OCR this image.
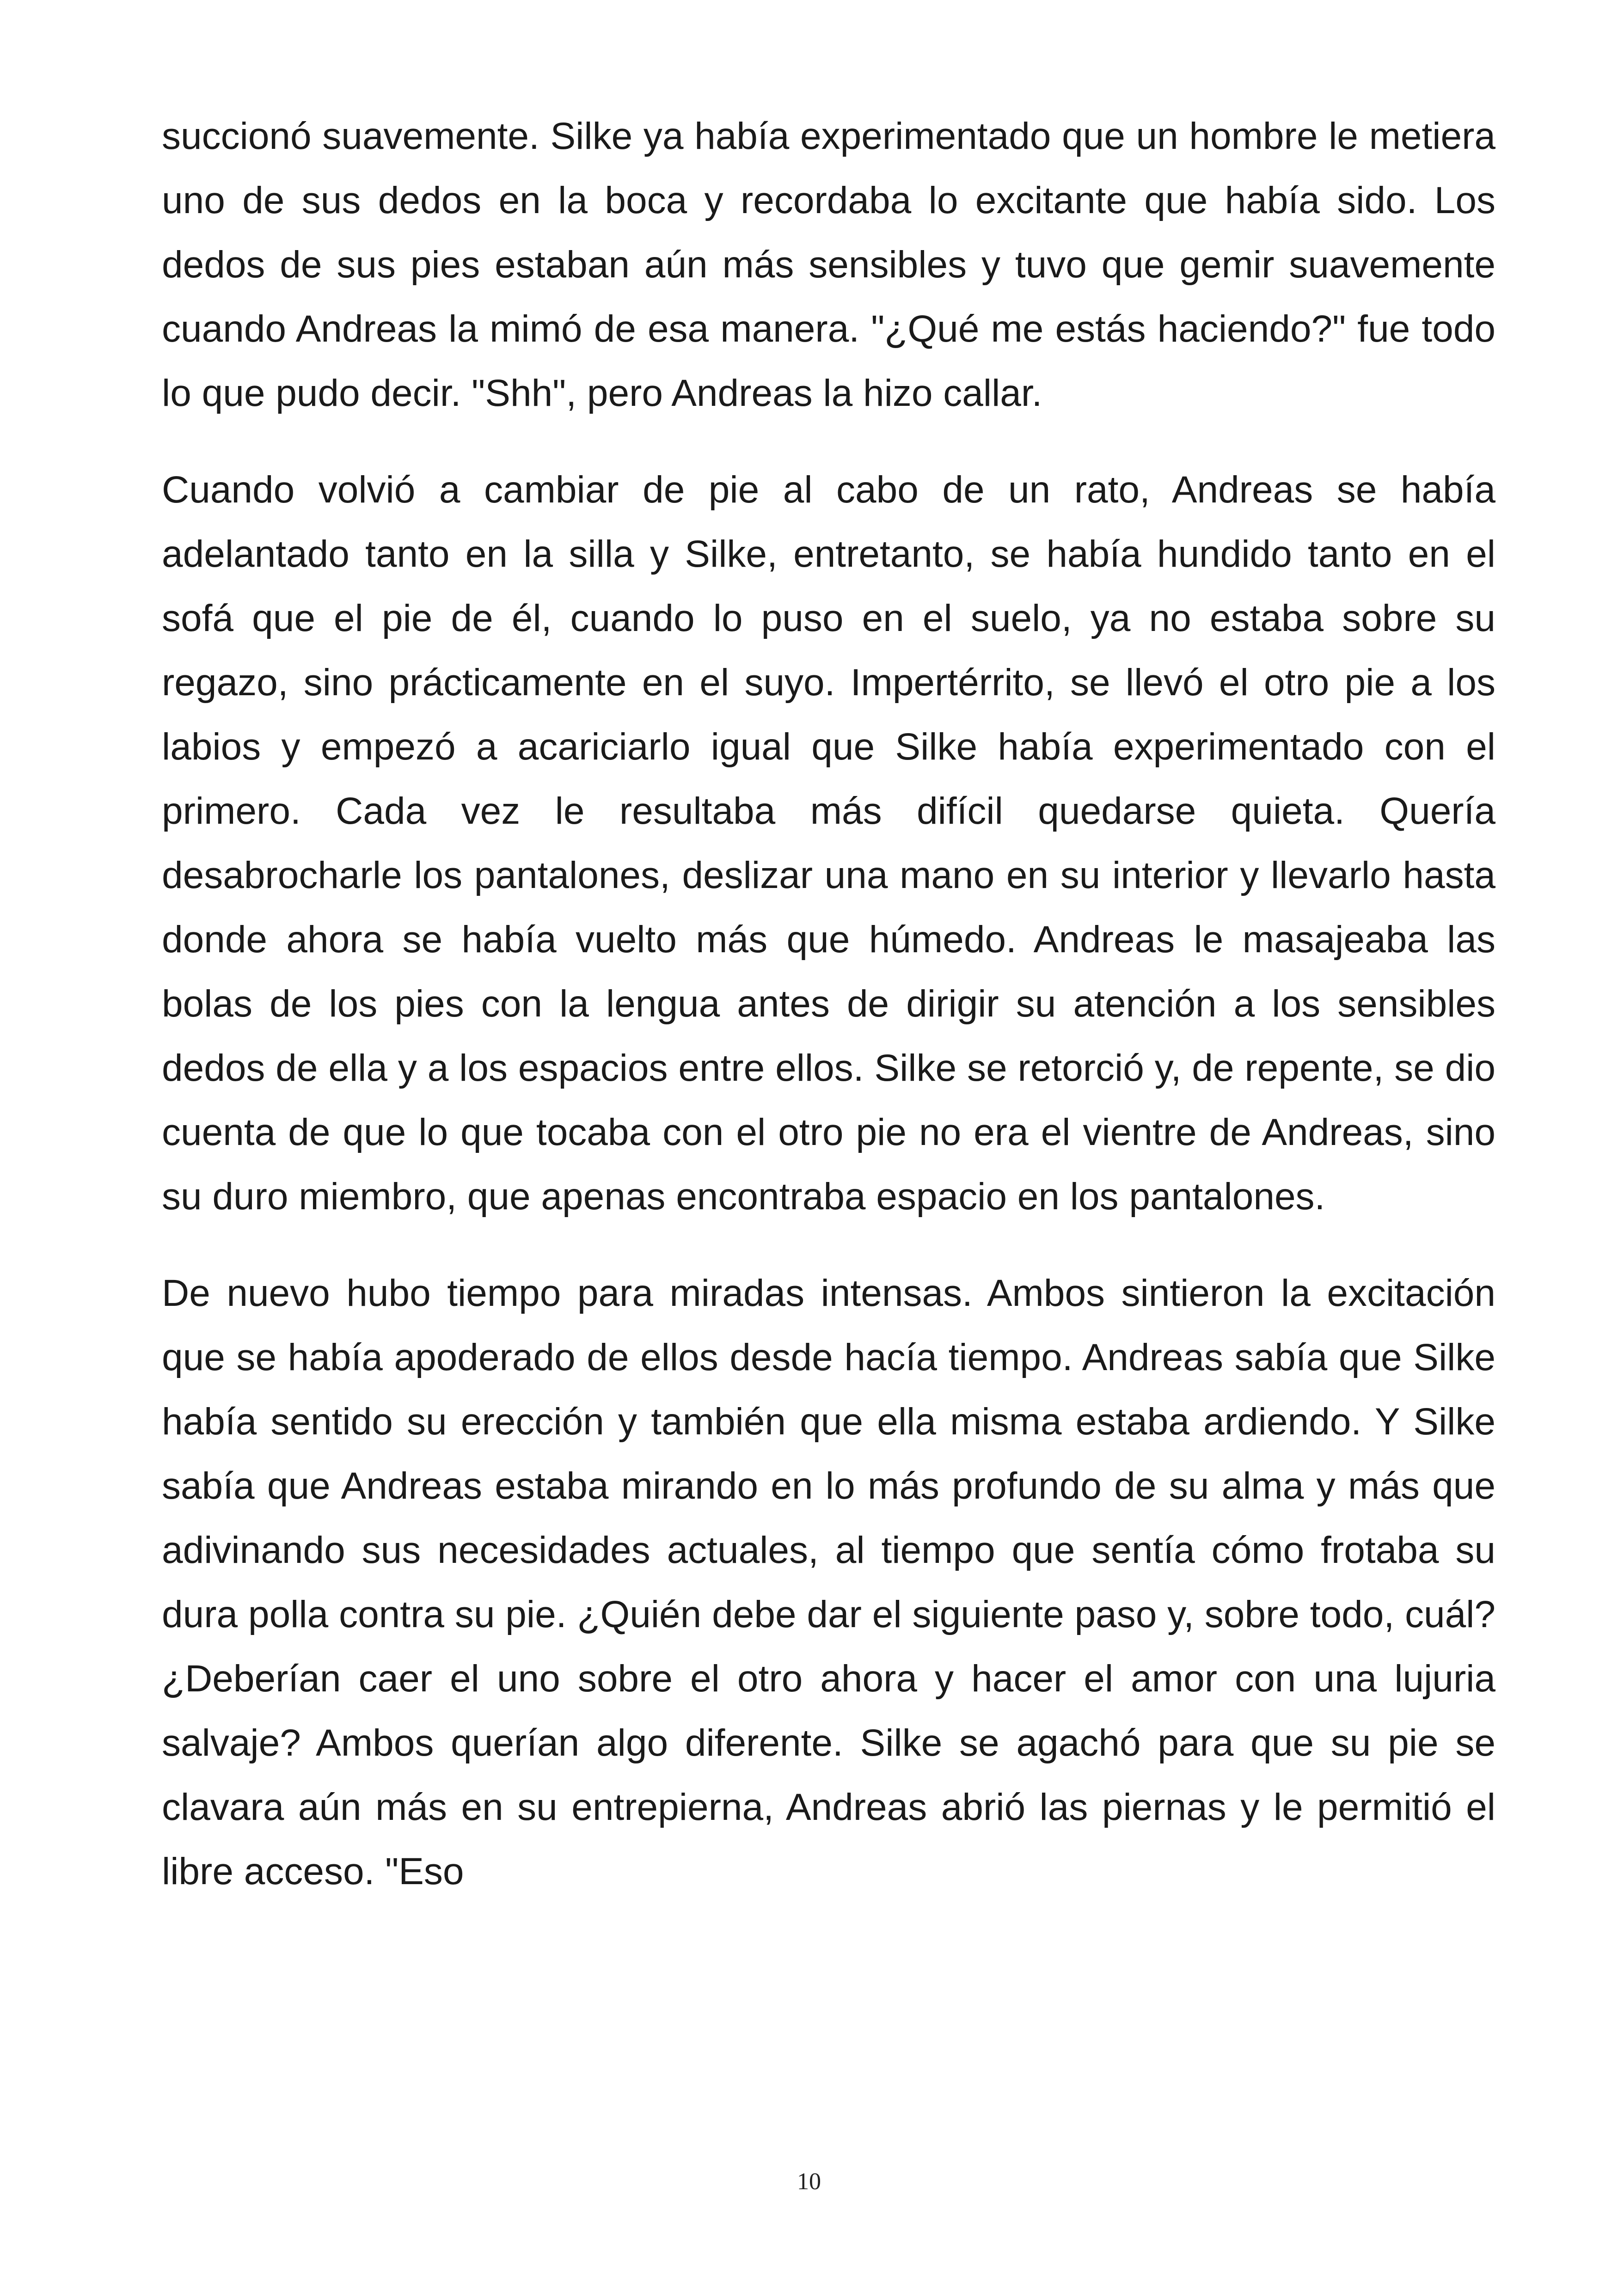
succionó suavemente. Silke ya había experimentado que un hombre le metiera uno de sus dedos en la boca y recordaba lo excitante que había sido. Los dedos de sus pies estaban aún más sensibles y tuvo que gemir suavemente cuando Andreas la mimó de esa manera. "¿Qué me estás haciendo?" fue todo lo que pudo decir. "Shh", pero Andreas la hizo callar.

Cuando volvió a cambiar de pie al cabo de un rato, Andreas se había adelantado tanto en la silla y Silke, entretanto, se había hundido tanto en el sofá que el pie de él, cuando lo puso en el suelo, ya no estaba sobre su regazo, sino prácticamente en el suyo. Impertérrito, se llevó el otro pie a los labios y empezó a acariciarlo igual que Silke había experimentado con el primero. Cada vez le resultaba más difícil quedarse quieta. Quería desabrocharle los pantalones, deslizar una mano en su interior y llevarlo hasta donde ahora se había vuelto más que húmedo. Andreas le masajeaba las bolas de los pies con la lengua antes de dirigir su atención a los sensibles dedos de ella y a los espacios entre ellos. Silke se retorció y, de repente, se dio cuenta de que lo que tocaba con el otro pie no era el vientre de Andreas, sino su duro miembro, que apenas encontraba espacio en los pantalones.

De nuevo hubo tiempo para miradas intensas. Ambos sintieron la excitación que se había apoderado de ellos desde hacía tiempo. Andreas sabía que Silke había sentido su erección y también que ella misma estaba ardiendo. Y Silke sabía que Andreas estaba mirando en lo más profundo de su alma y más que adivinando sus necesidades actuales, al tiempo que sentía cómo frotaba su dura polla contra su pie. ¿Quién debe dar el siguiente paso y, sobre todo, cuál? ¿Deberían caer el uno sobre el otro ahora y hacer el amor con una lujuria salvaje? Ambos querían algo diferente. Silke se agachó para que su pie se clavara aún más en su entrepierna, Andreas abrió las piernas y le permitió el libre acceso. "Eso

10
